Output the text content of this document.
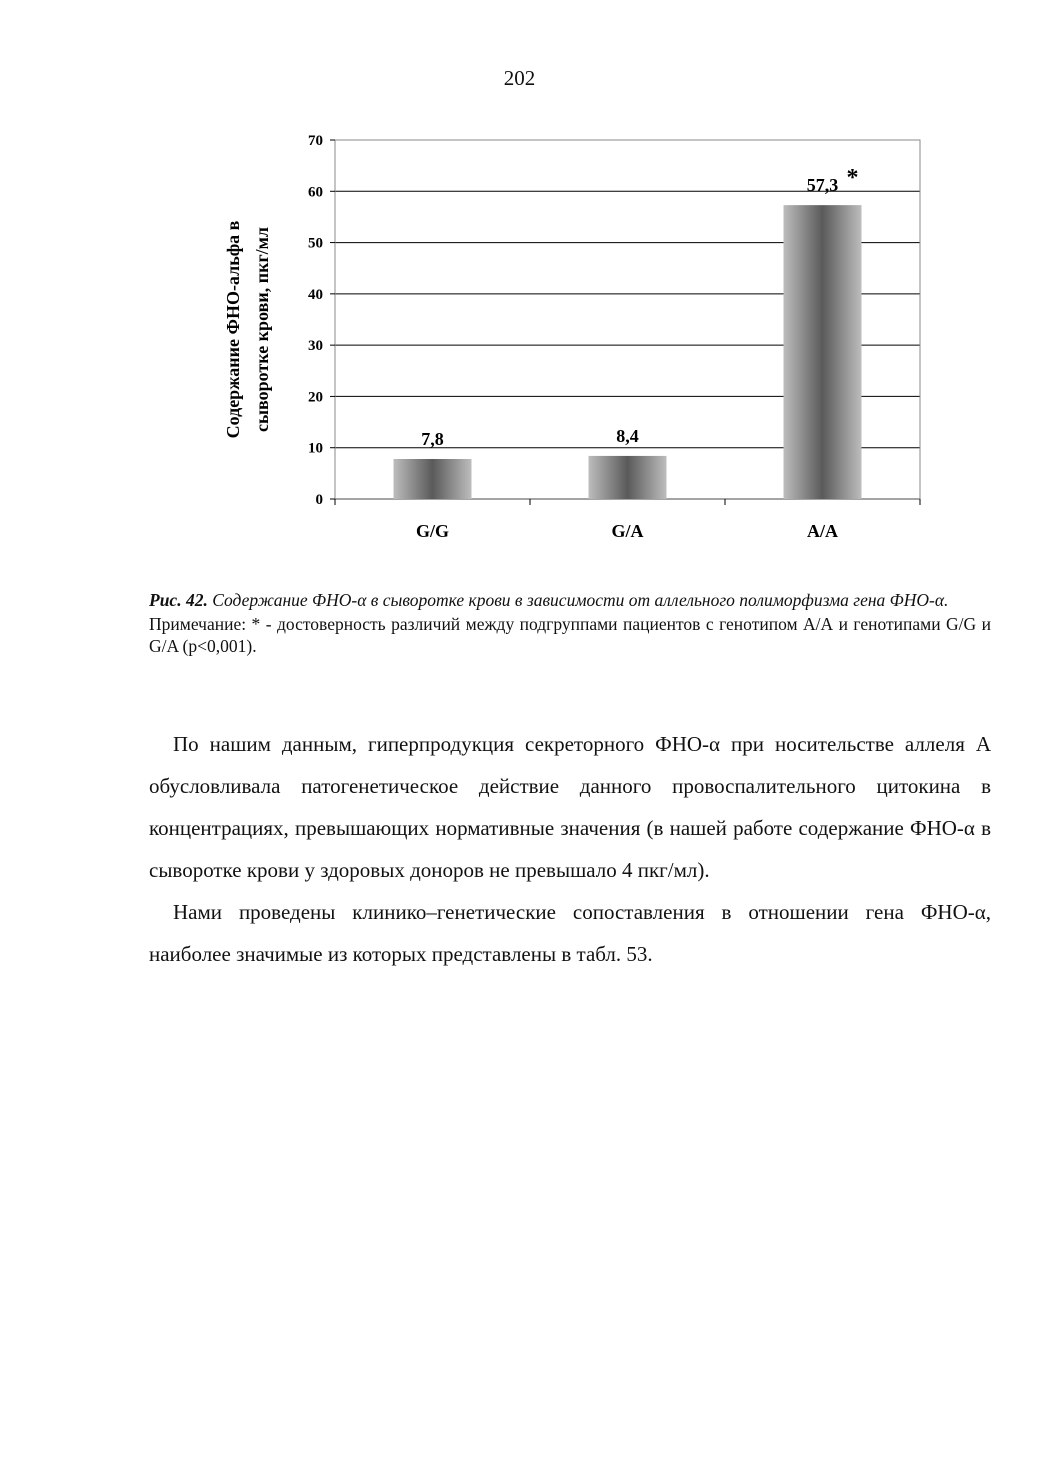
202
0
10
20
30
40
50
60
70
7,8	8,4
57,3 *
G/G	G/A	A/A
Содержание ФНО-альфа в сыворотке крови, пкг/мл
Рис. 42. Содержание ФНО-α в сыворотке крови в зависимости от аллельного полиморфизма гена ФНО-α.
Примечание: * - достоверность различий между подгруппами пациентов с генотипом А/А и генотипами G/G и G/A (p<0,001).

По нашим данным, гиперпродукция секреторного ФНО-α при носительстве аллеля А обусловливала патогенетическое действие данного провоспалительного цитокина в концентрациях, превышающих нормативные значения (в нашей работе содержание ФНО-α в сыворотке крови у здоровых доноров не превышало 4 пкг/мл).

Нами проведены клинико–генетические сопоставления в отношении гена ФНО-α, наиболее значимые из которых представлены в табл. 53.
